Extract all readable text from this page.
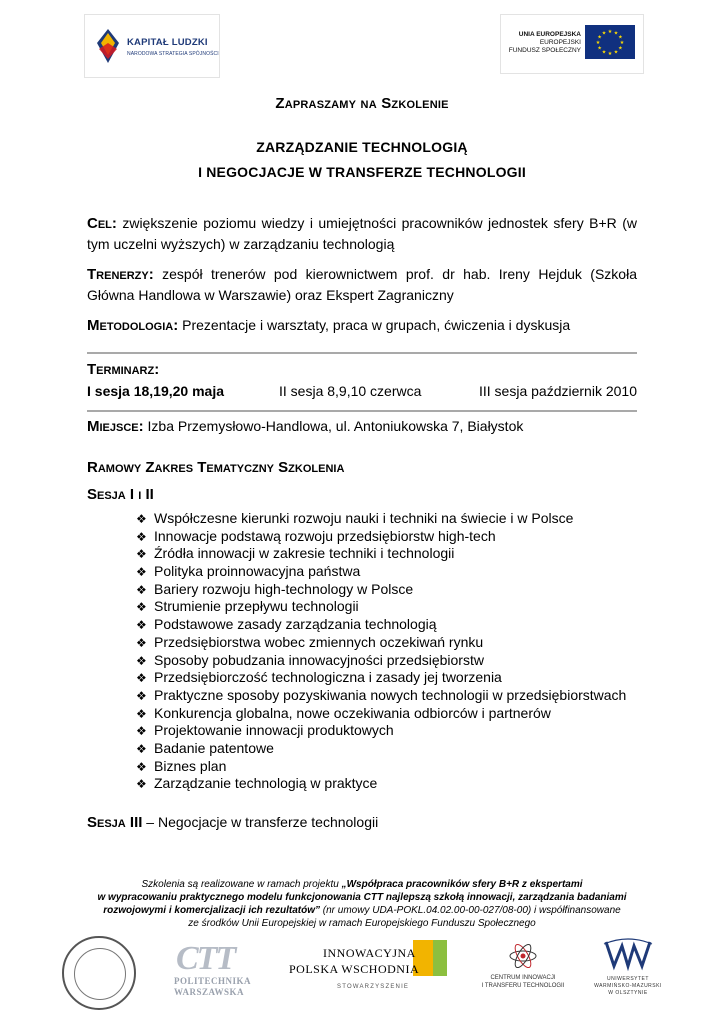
KAPITAŁ LUDZKI
NARODOWA STRATEGIA SPÓJNOŚCI
UNIA EUROPEJSKA
EUROPEJSKI
FUNDUSZ SPOŁECZNY
★ ★
★
★
★
★
★
★
★
★
★
★
Zapraszamy na Szkolenie
ZARZĄDZANIE TECHNOLOGIĄ
I NEGOCJACJE W TRANSFERZE TECHNOLOGII
Cel: zwiększenie poziomu wiedzy i umiejętności pracowników jednostek sfery B+R (w tym uczelni wyższych) w zarządzaniu technologią
Trenerzy: zespół trenerów pod kierownictwem prof. dr hab. Ireny Hejduk (Szkoła Główna Handlowa w Warszawie) oraz Ekspert Zagraniczny
Metodologia: Prezentacje i warsztaty, praca w grupach, ćwiczenia i dyskusja
Terminarz:
I sesja 18,19,20 maja	II sesja 8,9,10 czerwca	III sesja październik 2010
Miejsce: Izba Przemysłowo-Handlowa, ul. Antoniukowska 7, Białystok
Ramowy Zakres Tematyczny Szkolenia
Sesja I i II
❖ Współczesne kierunki rozwoju nauki i techniki na świecie i w Polsce
❖ Innowacje podstawą rozwoju przedsiębiorstw high-tech
❖ Źródła innowacji w zakresie techniki i technologii
❖ Polityka proinnowacyjna państwa
❖ Bariery rozwoju high-technology w Polsce
❖ Strumienie przepływu technologii
❖ Podstawowe zasady zarządzania technologią
❖ Przedsiębiorstwa wobec zmiennych oczekiwań rynku
❖ Sposoby pobudzania innowacyjności przedsiębiorstw
❖ Przedsiębiorczość technologiczna i zasady jej tworzenia
❖ Praktyczne sposoby pozyskiwania nowych technologii w przedsiębiorstwach
❖ Konkurencja globalna, nowe oczekiwania odbiorców i partnerów
❖ Projektowanie innowacji produktowych
❖ Badanie patentowe
❖ Biznes plan
❖ Zarządzanie technologią w praktyce
Sesja III – Negocjacje w transferze technologii
Szkolenia są realizowane w ramach projektu „Współpraca pracowników sfery B+R z ekspertami
w wypracowaniu praktycznego modelu funkcjonowania CTT najlepszą szkołą innowacji, zarządzania badaniami
rozwojowymi i komercjalizacji ich rezultatów” (nr umowy UDA-POKL.04.02.00-00-027/08-00) i współfinansowane
ze środków Unii Europejskiej w ramach Europejskiego Funduszu Społecznego
CTT
POLITECHNIKA
WARSZAWSKA
INNOWACYJNA
POLSKA WSCHODNIA
STOWARZYSZENIE
CENTRUM INNOWACJI
I TRANSFERU TECHNOLOGII
UNIWERSYTET
WARMIŃSKO-MAZURSKI
W OLSZTYNIE
